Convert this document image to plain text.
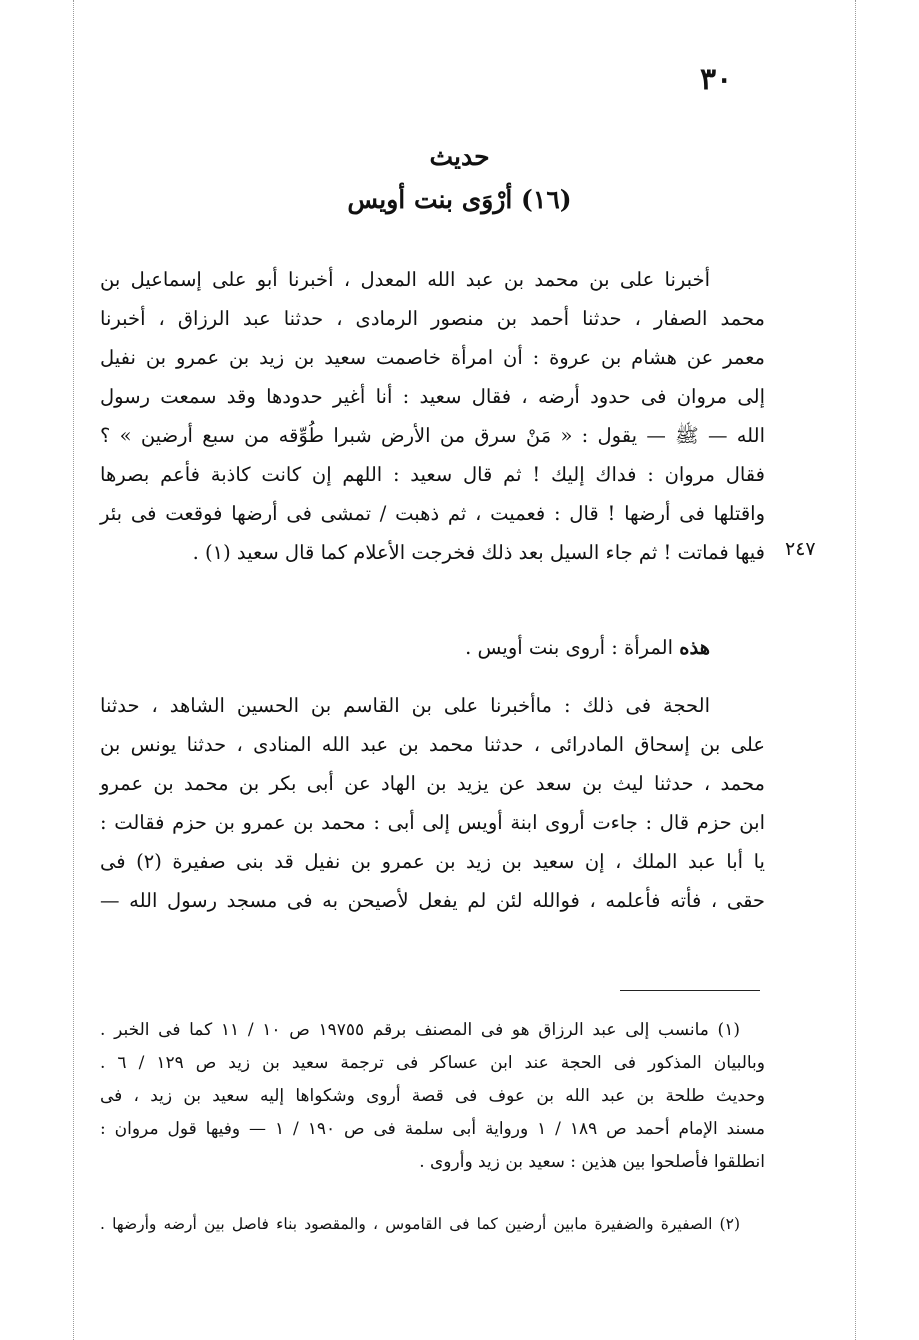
٣٠
حديث
(١٦) أرْوَى بنت أويس
أخبرنا على بن محمد بن عبد الله المعدل ، أخبرنا أبو على إسماعيل بن
محمد الصفار ، حدثنا أحمد بن منصور الرمادى ، حدثنا عبد الرزاق ، أخبرنا
معمر عن هشام بن عروة : أن امرأة خاصمت سعيد بن زيد بن عمرو بن نفيل
إلى مروان فى حدود أرضه ، فقال سعيد : أنا أغير حدودها وقد سمعت رسول
الله — ﷺ — يقول : « مَنْ سرق من الأرض شبرا طُوِّقه من سبع أرضين » ؟
فقال مروان : فداك إليك ! ثم قال سعيد : اللهم إن كانت كاذبة فأعم بصرها
واقتلها فى أرضها ! قال : فعميت ، ثم ذهبت / تمشى فى أرضها فوقعت فى بئر
فيها فماتت ! ثم جاء السيل بعد ذلك فخرجت الأعلام كما قال سعيد (١) . ٢٤٧
هذه المرأة : أروى بنت أويس .
الحجة فى ذلك : ماأخبرنا على بن القاسم بن الحسين الشاهد ، حدثنا
على بن إسحاق المادرائى ، حدثنا محمد بن عبد الله المنادى ، حدثنا يونس بن
محمد ، حدثنا ليث بن سعد عن يزيد بن الهاد عن أبى بكر بن محمد بن عمرو
ابن حزم قال : جاءت أروى ابنة أويس إلى أبى : محمد بن عمرو بن حزم فقالت :
يا أبا عبد الملك ، إن سعيد بن زيد بن عمرو بن نفيل قد بنى صفيرة (٢) فى
حقى ، فأته فأعلمه ، فوالله لئن لم يفعل لأصيحن به فى مسجد رسول الله —
(١) مانسب إلى عبد الرزاق هو فى المصنف برقم ١٩٧٥٥ ص ١٠ / ١١ كما فى الخبر .
وبالبيان المذكور فى الحجة عند ابن عساكر فى ترجمة سعيد بن زيد ص ١٢٩ / ٦ .
وحديث طلحة بن عبد الله بن عوف فى قصة أروى وشكواها إليه سعيد بن زيد ، فى
مسند الإمام أحمد ص ١٨٩ / ١ ورواية أبى سلمة فى ص ١٩٠ / ١ — وفيها قول مروان :
انطلقوا فأصلحوا بين هذين : سعيد بن زيد وأروى .
(٢) الصفيرة والضفيرة مابين أرضين كما فى القاموس ، والمقصود بناء فاصل بين أرضه وأرضها .
